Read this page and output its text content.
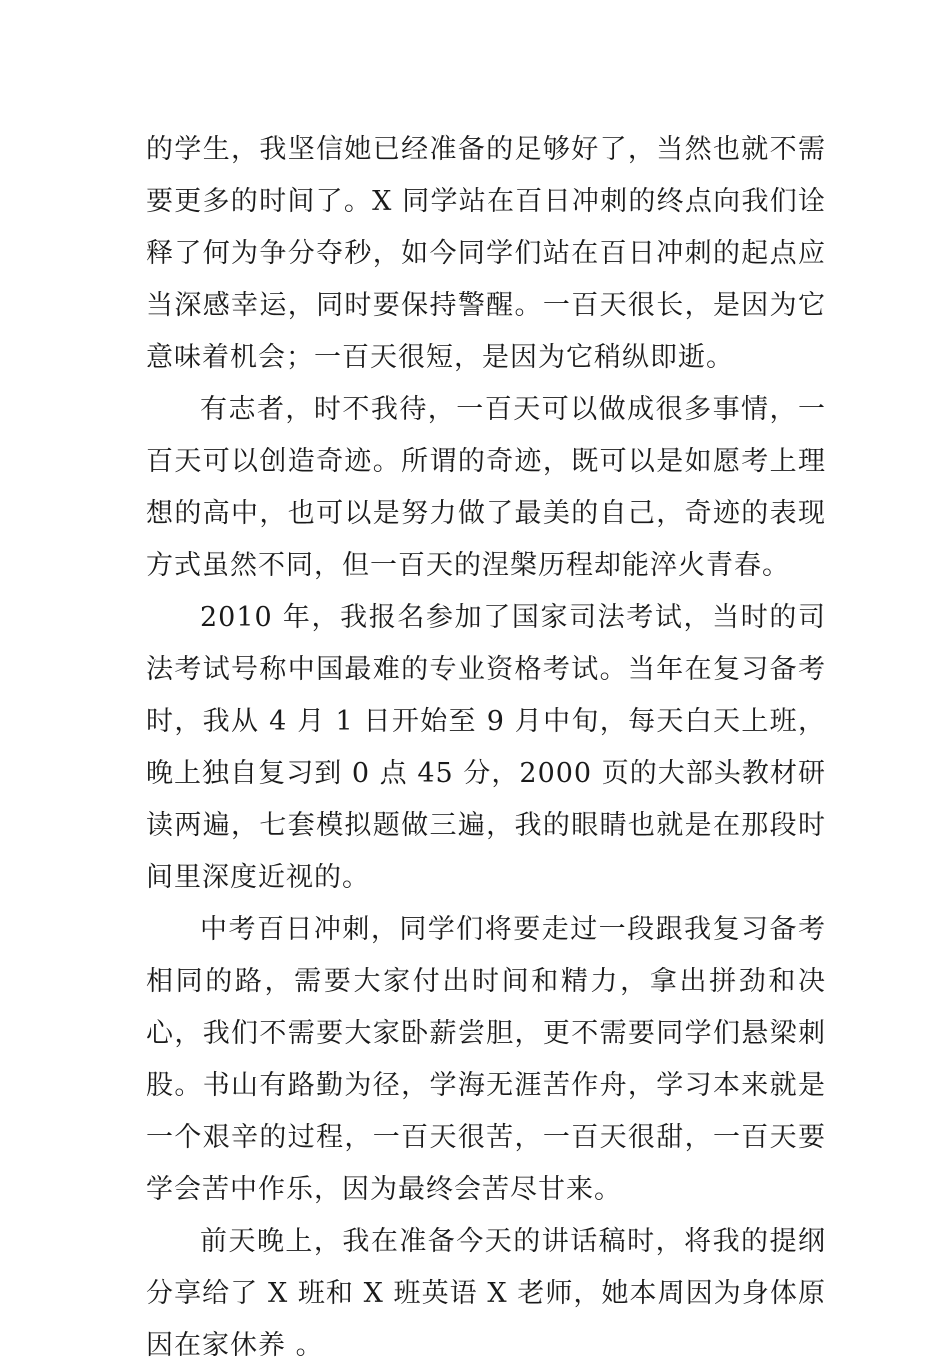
的学生，我坚信她已经准备的足够好了，当然也就不需要更多的时间了。X 同学站在百日冲刺的终点向我们诠释了何为争分夺秒，如今同学们站在百日冲刺的起点应当深感幸运，同时要保持警醒。一百天很长，是因为它意味着机会；一百天很短，是因为它稍纵即逝。

有志者，时不我待，一百天可以做成很多事情，一百天可以创造奇迹。所谓的奇迹，既可以是如愿考上理想的高中，也可以是努力做了最美的自己，奇迹的表现方式虽然不同，但一百天的涅槃历程却能淬火青春。

2010 年，我报名参加了国家司法考试，当时的司法考试号称中国最难的专业资格考试。当年在复习备考时，我从 4 月 1 日开始至 9 月中旬，每天白天上班，晚上独自复习到 0 点 45 分，2000 页的大部头教材研读两遍，七套模拟题做三遍，我的眼睛也就是在那段时间里深度近视的。

中考百日冲刺，同学们将要走过一段跟我复习备考相同的路，需要大家付出时间和精力，拿出拼劲和决心，我们不需要大家卧薪尝胆，更不需要同学们悬梁刺股。书山有路勤为径，学海无涯苦作舟，学习本来就是一个艰辛的过程，一百天很苦，一百天很甜，一百天要学会苦中作乐，因为最终会苦尽甘来。

前天晚上，我在准备今天的讲话稿时，将我的提纲分享给了 X 班和 X 班英语 X 老师，她本周因为身体原因在家休养 。
